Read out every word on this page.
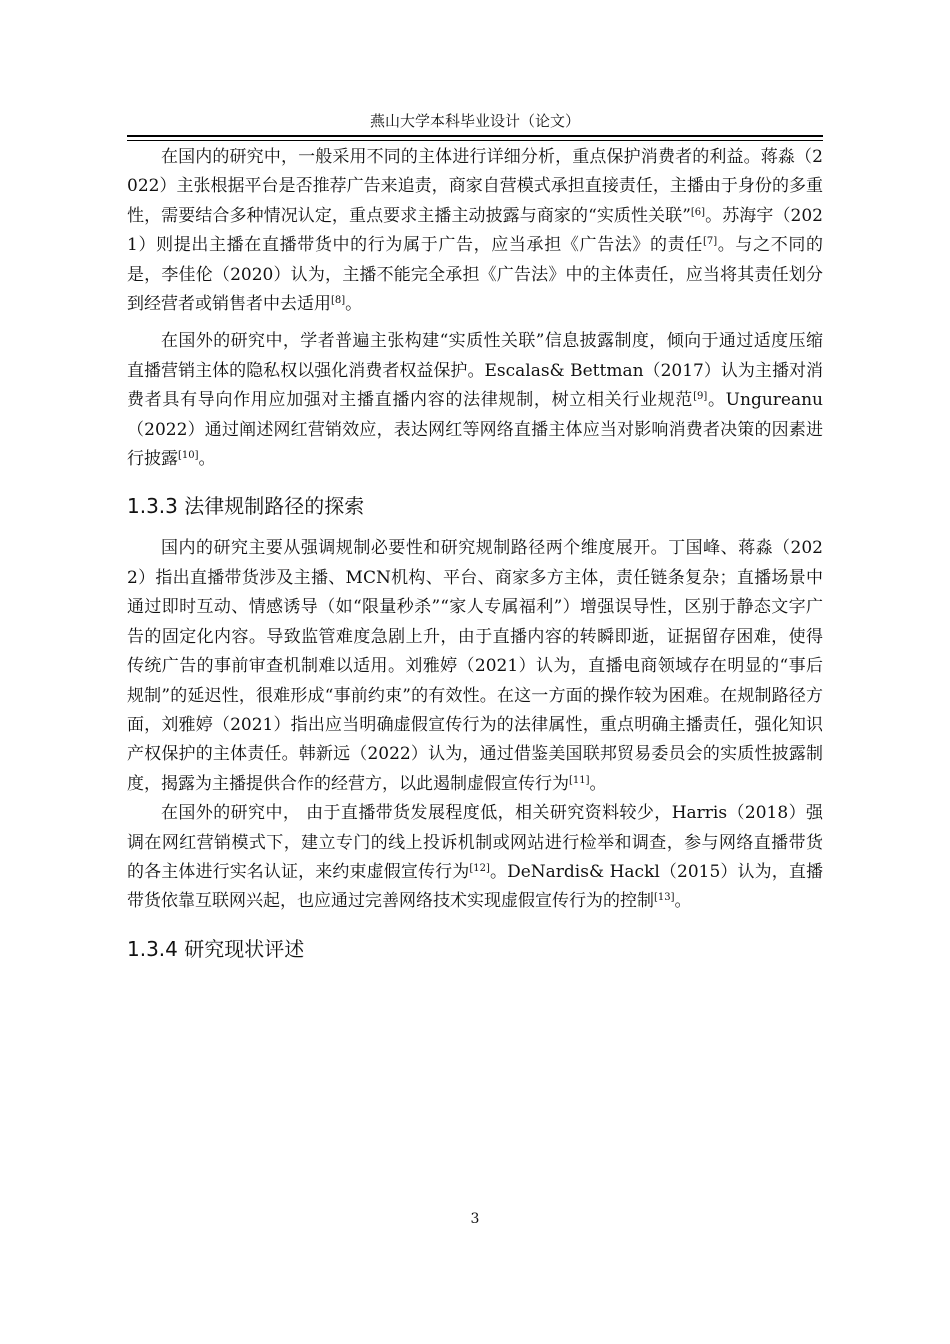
燕山大学本科毕业设计（论文）

在国内的研究中，一般采用不同的主体进行详细分析，重点保护消费者的利益。蒋淼（2022）主张根据平台是否推荐广告来追责，商家自营模式承担直接责任，主播由于身份的多重性，需要结合多种情况认定，重点要求主播主动披露与商家的“实质性关联”[6]。苏海宇（2021）则提出主播在直播带货中的行为属于广告，应当承担《广告法》的责任[7]。与之不同的是，李佳伦（2020）认为，主播不能完全承担《广告法》中的主体责任，应当将其责任划分到经营者或销售者中去适用[8]。

在国外的研究中，学者普遍主张构建“实质性关联”信息披露制度，倾向于通过适度压缩直播营销主体的隐私权以强化消费者权益保护。Escalas& Bettman（2017）认为主播对消费者具有导向作用应加强对主播直播内容的法律规制，树立相关行业规范[9]。Ungureanu（2022）通过阐述网红营销效应，表达网红等网络直播主体应当对影响消费者决策的因素进行披露[10]。

1.3.3 法律规制路径的探索

国内的研究主要从强调规制必要性和研究规制路径两个维度展开。丁国峰、蒋淼（2022）指出直播带货涉及主播、MCN机构、平台、商家多方主体，责任链条复杂；直播场景中通过即时互动、情感诱导（如“限量秒杀”“家人专属福利”）增强误导性，区别于静态文字广告的固定化内容。导致监管难度急剧上升，由于直播内容的转瞬即逝，证据留存困难，使得传统广告的事前审查机制难以适用。刘雅婷（2021）认为，直播电商领域存在明显的“事后规制”的延迟性，很难形成“事前约束”的有效性。在这一方面的操作较为困难。在规制路径方面，刘雅婷（2021）指出应当明确虚假宣传行为的法律属性，重点明确主播责任，强化知识产权保护的主体责任。韩新远（2022）认为，通过借鉴美国联邦贸易委员会的实质性披露制度，揭露为主播提供合作的经营方，以此遏制虚假宣传行为[11]。

在国外的研究中， 由于直播带货发展程度低，相关研究资料较少，Harris（2018）强调在网红营销模式下，建立专门的线上投诉机制或网站进行检举和调查，参与网络直播带货的各主体进行实名认证，来约束虚假宣传行为[12]。DeNardis& Hackl（2015）认为，直播带货依靠互联网兴起，也应通过完善网络技术实现虚假宣传行为的控制[13]。

1.3.4 研究现状评述
3
